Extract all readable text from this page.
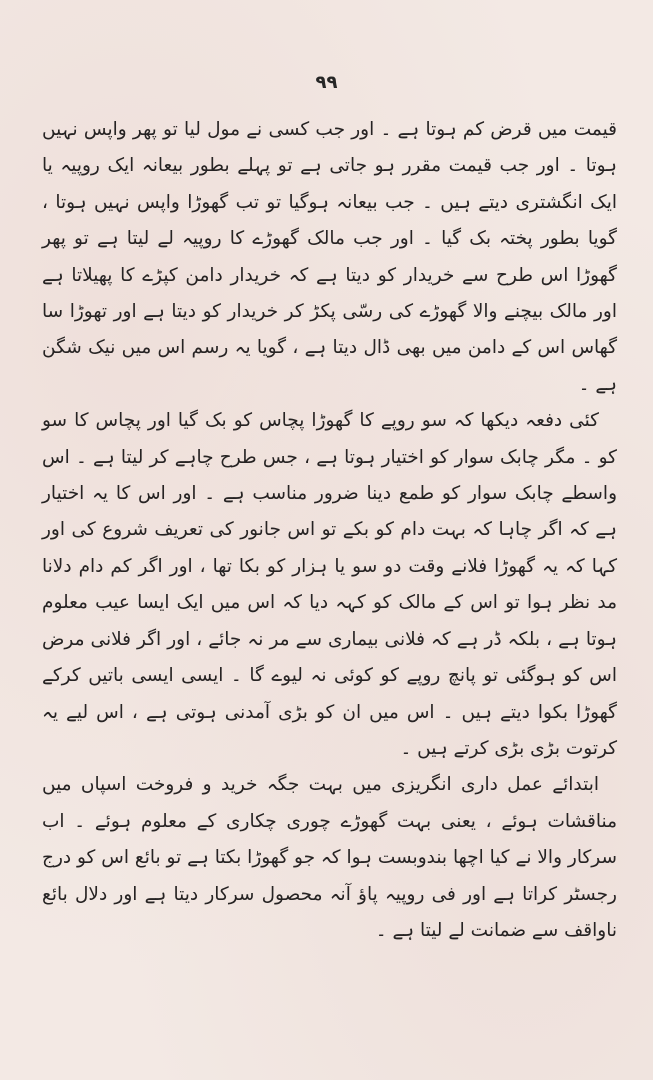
۹۹

قیمت میں قرض کم ہوتا ہے ۔ اور جب کسی نے مول لیا تو پھر واپس نہیں ہوتا ۔ اور جب قیمت مقرر ہو جاتی ہے تو پہلے بطور بیعانہ ایک روپیہ یا ایک انگشتری دیتے ہیں ۔ جب بیعانہ ہوگیا تو تب گھوڑا واپس نہیں ہوتا ، گویا بطور پختہ بک گیا ۔ اور جب مالک گھوڑے کا روپیہ لے لیتا ہے تو پھر گھوڑا اس طرح سے خریدار کو دیتا ہے کہ خریدار دامن کپڑے کا پھیلاتا ہے اور مالک بیچنے والا گھوڑے کی رسّی پکڑ کر خریدار کو دیتا ہے اور تھوڑا سا گھاس اس کے دامن میں بھی ڈال دیتا ہے ، گویا یہ رسم اس میں نیک شگن ہے ۔

کئی دفعہ دیکھا کہ سو روپے کا گھوڑا پچاس کو بک گیا اور پچاس کا سو کو ۔ مگر چابک سوار کو اختیار ہوتا ہے ، جس طرح چاہے کر لیتا ہے ۔ اس واسطے چابک سوار کو طمع دینا ضرور مناسب ہے ۔ اور اس کا یہ اختیار ہے کہ اگر چاہا کہ بہت دام کو بکے تو اس جانور کی تعریف شروع کی اور کہا کہ یہ گھوڑا فلانے وقت دو سو یا ہزار کو بکا تھا ، اور اگر کم دام دلانا مد نظر ہوا تو اس کے مالک کو کہہ دیا کہ اس میں ایک ایسا عیب معلوم ہوتا ہے ، بلکہ ڈر ہے کہ فلانی بیماری سے مر نہ جائے ، اور اگر فلانی مرض اس کو ہوگئی تو پانچ روپے کو کوئی نہ لیوے گا ۔ ایسی ایسی باتیں کرکے گھوڑا بکوا دیتے ہیں ۔ اس میں ان کو بڑی آمدنی ہوتی ہے ، اس لیے یہ کرتوت بڑی بڑی کرتے ہیں ۔

ابتدائے عمل داری انگریزی میں بہت جگہ خرید و فروخت اسپاں میں مناقشات ہوئے ، یعنی بہت گھوڑے چوری چکاری کے معلوم ہوئے ۔ اب سرکار والا نے کیا اچھا بندوبست ہوا کہ جو گھوڑا بکتا ہے تو بائع اس کو درج رجسٹر کراتا ہے اور فی روپیہ پاؤ آنہ محصول سرکار دیتا ہے اور دلال بائع ناواقف سے ضمانت لے لیتا ہے ۔
